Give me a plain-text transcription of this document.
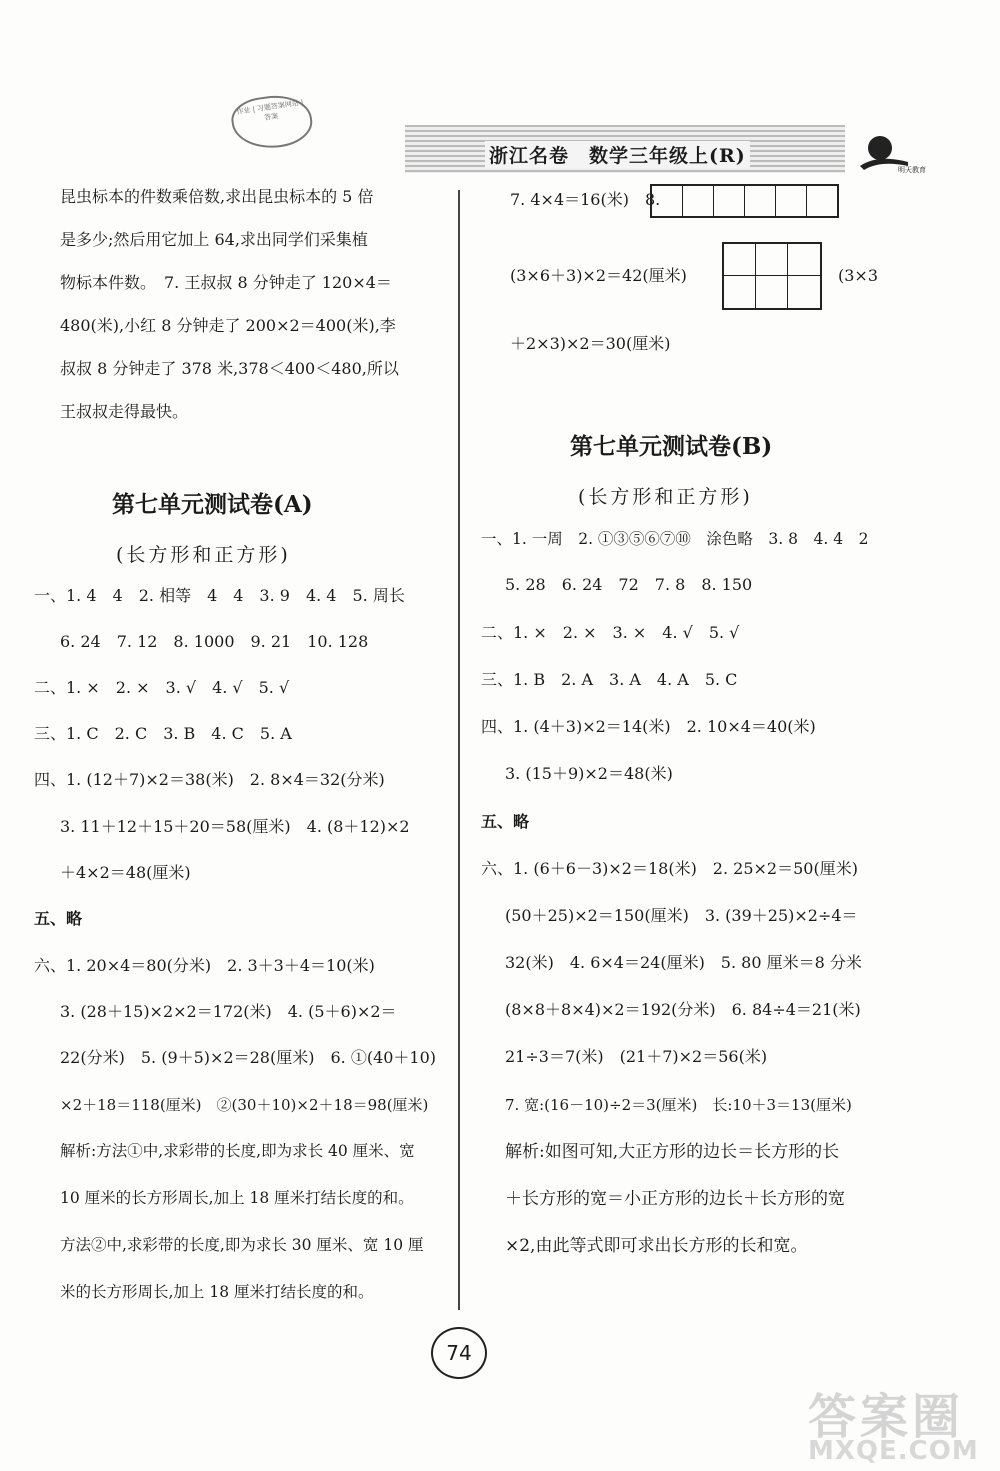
作业 | 习题答案网站 | 答案
浙江名卷　数学三年级上(R)
明天教育
昆虫标本的件数乘倍数,求出昆虫标本的 5 倍
是多少;然后用它加上 64,求出同学们采集植
物标本件数。　7. 王叔叔 8 分钟走了 120×4＝
480(米),小红 8 分钟走了 200×2＝400(米),李
叔叔 8 分钟走了 378 米,378＜400＜480,所以
王叔叔走得最快。
第七单元测试卷(A)
(长方形和正方形)
一、1. 4　4　2. 相等　4　4　3. 9　4. 4　5. 周长
6. 24　7. 12　8. 1000　9. 21　10. 128
二、1. ×　2. ×　3. √　4. √　5. √
三、1. C　2. C　3. B　4. C　5. A
四、1. (12＋7)×2＝38(米)　2. 8×4＝32(分米)
3. 11＋12＋15＋20＝58(厘米)　4. (8＋12)×2
＋4×2＝48(厘米)
五、略
六、1. 20×4＝80(分米)　2. 3＋3＋4＝10(米)
3. (28＋15)×2×2＝172(米)　4. (5＋6)×2＝
22(分米)　5. (9＋5)×2＝28(厘米)　6. ①(40＋10)
×2＋18＝118(厘米)　②(30＋10)×2＋18＝98(厘米)
解析:方法①中,求彩带的长度,即为求长 40 厘米、宽
10 厘米的长方形周长,加上 18 厘米打结长度的和。
方法②中,求彩带的长度,即为求长 30 厘米、宽 10 厘
米的长方形周长,加上 18 厘米打结长度的和。
7. 4×4＝16(米)　8.
(3×6＋3)×2＝42(厘米)	(3×3
＋2×3)×2＝30(厘米)
第七单元测试卷(B)
(长方形和正方形)
一、1. 一周　2. ①③⑤⑥⑦⑩　涂色略　3. 8　4. 4　2
5. 28　6. 24　72　7. 8　8. 150
二、1. ×　2. ×　3. ×　4. √　5. √
三、1. B　2. A　3. A　4. A　5. C
四、1. (4＋3)×2＝14(米)　2. 10×4＝40(米)
3. (15＋9)×2＝48(米)
五、略
六、1. (6＋6－3)×2＝18(米)　2. 25×2＝50(厘米)
(50＋25)×2＝150(厘米)　3. (39＋25)×2÷4＝
32(米)　4. 6×4＝24(厘米)　5. 80 厘米＝8 分米
(8×8＋8×4)×2＝192(分米)　6. 84÷4＝21(米)
21÷3＝7(米)　(21＋7)×2＝56(米)
7. 宽:(16－10)÷2＝3(厘米)　长:10＋3＝13(厘米)
解析:如图可知,大正方形的边长＝长方形的长
＋长方形的宽＝小正方形的边长＋长方形的宽
×2,由此等式即可求出长方形的长和宽。
74
答案圈
MXQE.COM
